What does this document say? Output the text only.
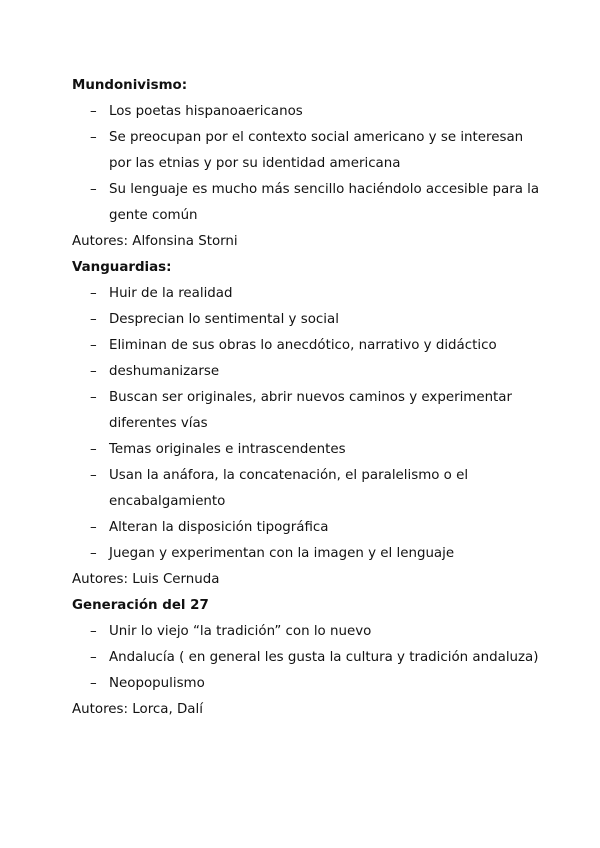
Mundonivismo:

– Los poetas hispanoaericanos
– Se preocupan por el contexto social americano y se interesan por las etnias y por su identidad americana
– Su lenguaje es mucho más sencillo haciéndolo accesible para la gente común

Autores: Alfonsina Storni

Vanguardias:

– Huir de la realidad
– Desprecian lo sentimental y social
– Eliminan de sus obras lo anecdótico, narrativo y didáctico
– deshumanizarse
– Buscan ser originales, abrir nuevos caminos y experimentar diferentes vías
– Temas originales e intrascendentes
– Usan la anáfora, la concatenación, el paralelismo o el encabalgamiento
– Alteran la disposición tipográfica
– Juegan y experimentan con la imagen y el lenguaje

Autores: Luis Cernuda

Generación del 27

– Unir lo viejo “la tradición” con lo nuevo
– Andalucía ( en general les gusta la cultura y tradición andaluza)
– Neopopulismo

Autores: Lorca, Dalí
